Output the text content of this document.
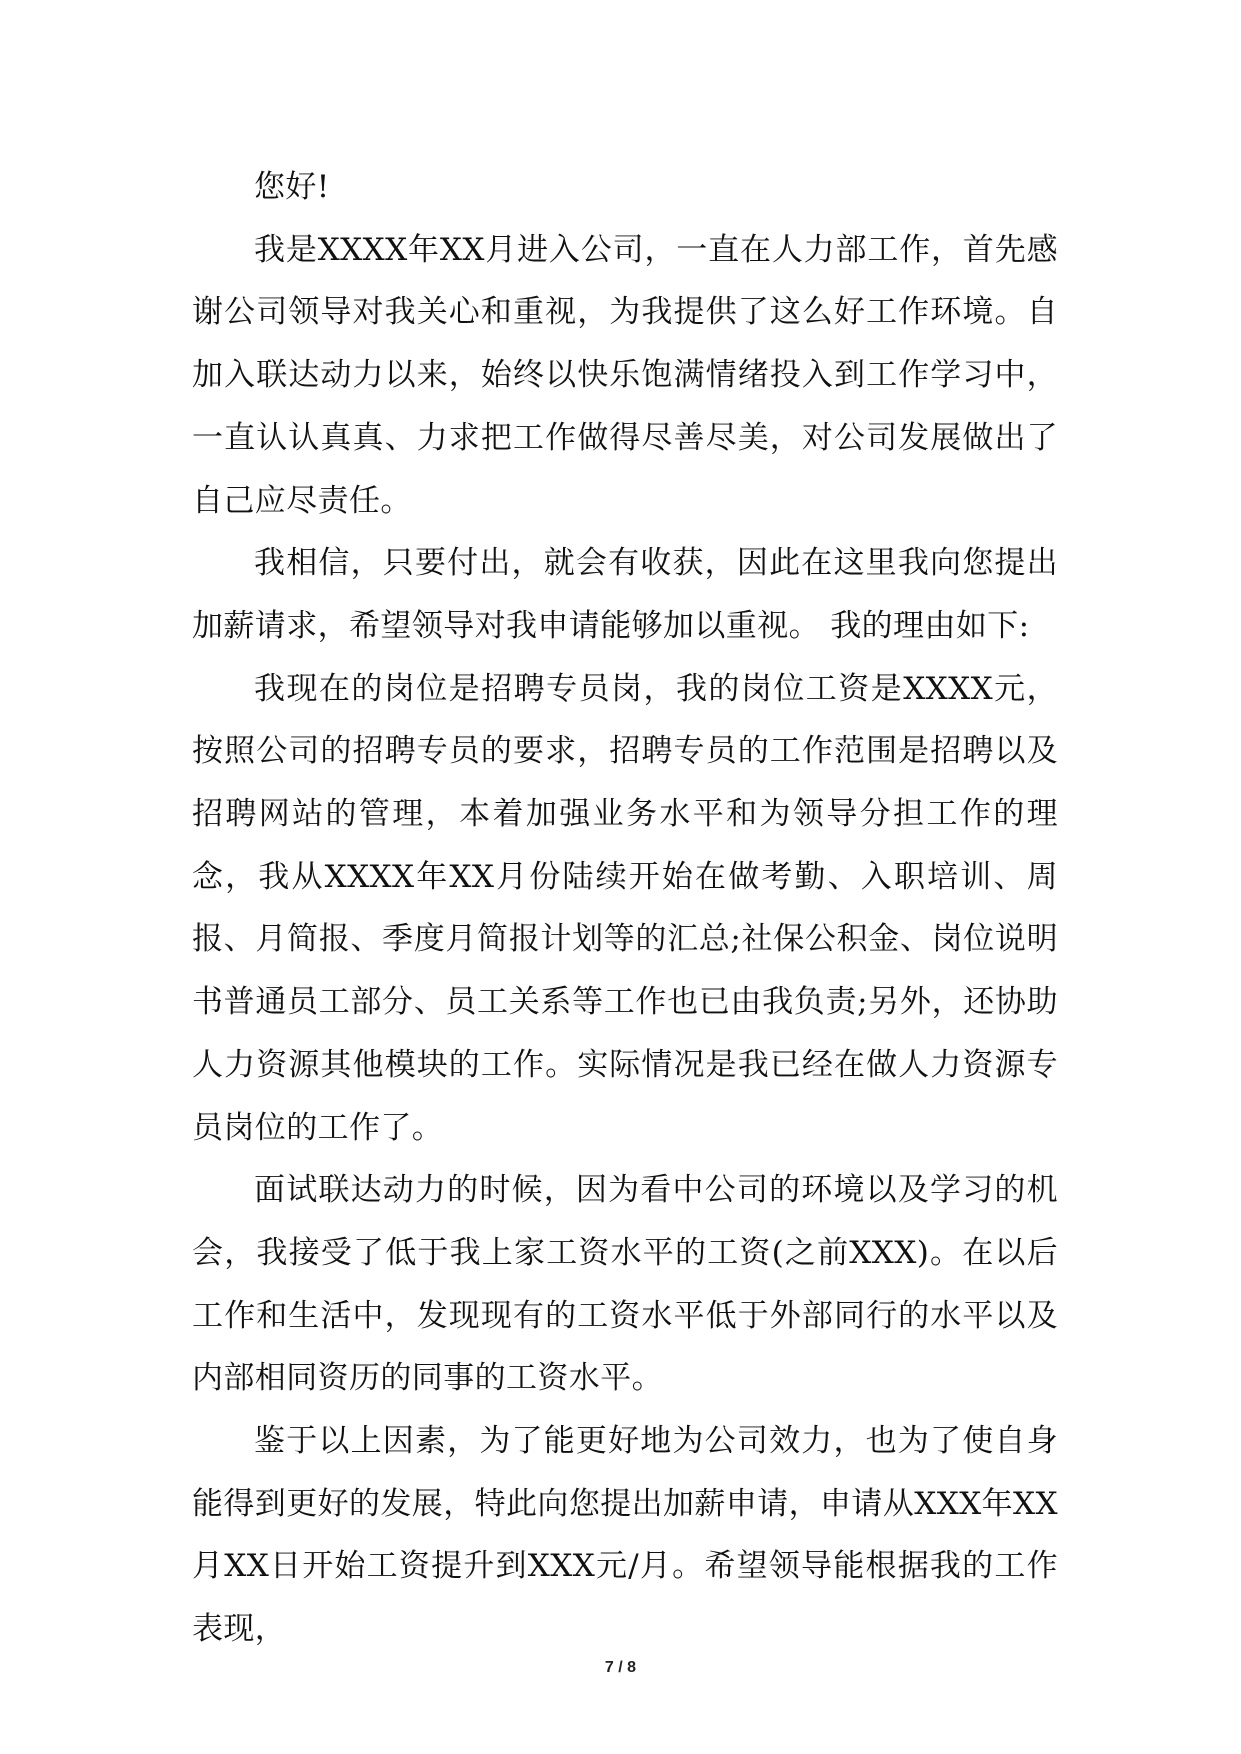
您好!

我是XXXX年XX月进入公司，一直在人力部工作，首先感谢公司领导对我关心和重视，为我提供了这么好工作环境。自加入联达动力以来，始终以快乐饱满情绪投入到工作学习中，一直认认真真、力求把工作做得尽善尽美，对公司发展做出了自己应尽责任。

我相信，只要付出，就会有收获，因此在这里我向您提出加薪请求，希望领导对我申请能够加以重视。 我的理由如下:

我现在的岗位是招聘专员岗，我的岗位工资是XXXX元，按照公司的招聘专员的要求，招聘专员的工作范围是招聘以及招聘网站的管理，本着加强业务水平和为领导分担工作的理念，我从XXXX年XX月份陆续开始在做考勤、入职培训、周报、月简报、季度月简报计划等的汇总;社保公积金、岗位说明书普通员工部分、员工关系等工作也已由我负责;另外，还协助人力资源其他模块的工作。实际情况是我已经在做人力资源专员岗位的工作了。

面试联达动力的时候，因为看中公司的环境以及学习的机会，我接受了低于我上家工资水平的工资(之前XXX)。在以后工作和生活中，发现现有的工资水平低于外部同行的水平以及内部相同资历的同事的工资水平。

鉴于以上因素，为了能更好地为公司效力，也为了使自身能得到更好的发展，特此向您提出加薪申请，申请从XXX年XX月XX日开始工资提升到XXX元/月。希望领导能根据我的工作表现，

7 / 8
